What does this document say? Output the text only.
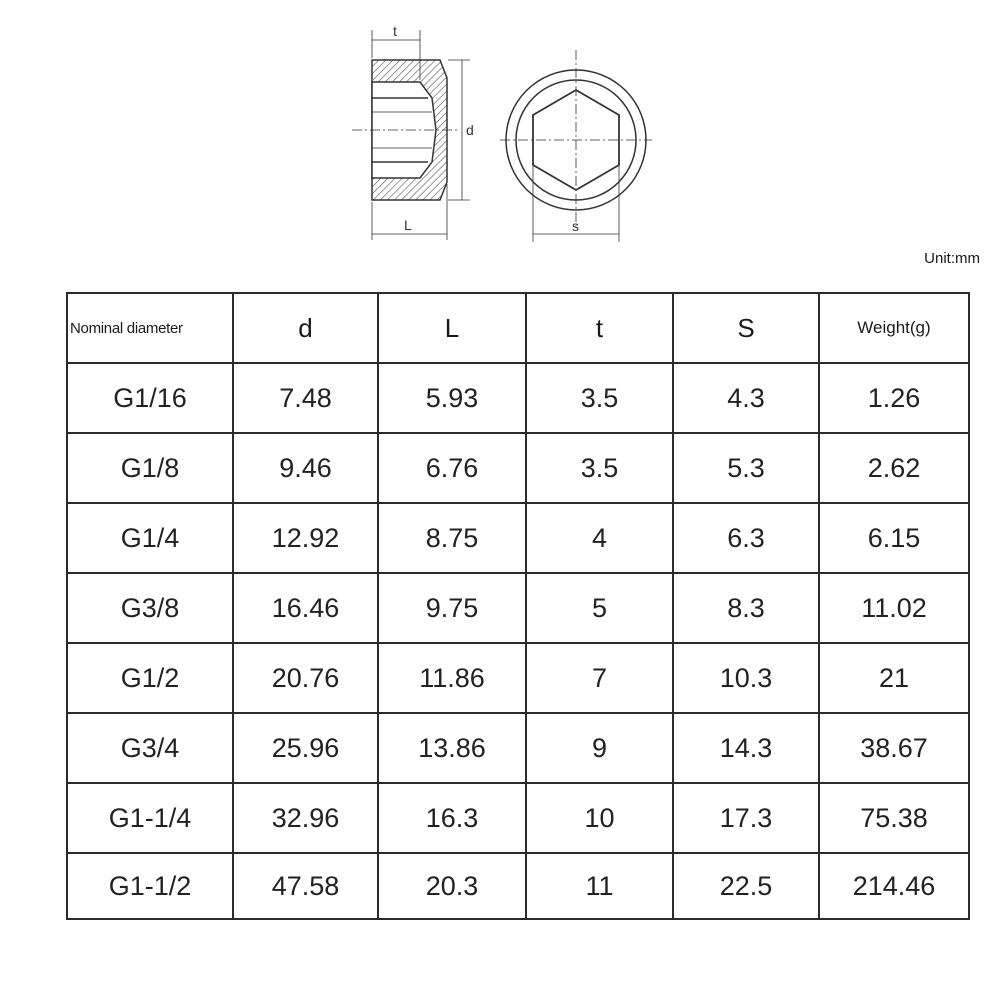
t
d
L	s
Unit:mm
Nominal diameter	d	L	t	S	Weight(g)
G1/16	7.48	5.93	3.5	4.3	1.26
G1/8	9.46	6.76	3.5	5.3	2.62
G1/4	12.92	8.75	4	6.3	6.15
G3/8	16.46	9.75	5	8.3	11.02
G1/2	20.76	11.86	7	10.3	21
G3/4	25.96	13.86	9	14.3	38.67
G1-1/4	32.96	16.3	10	17.3	75.38
G1-1/2	47.58	20.3	11	22.5	214.46
